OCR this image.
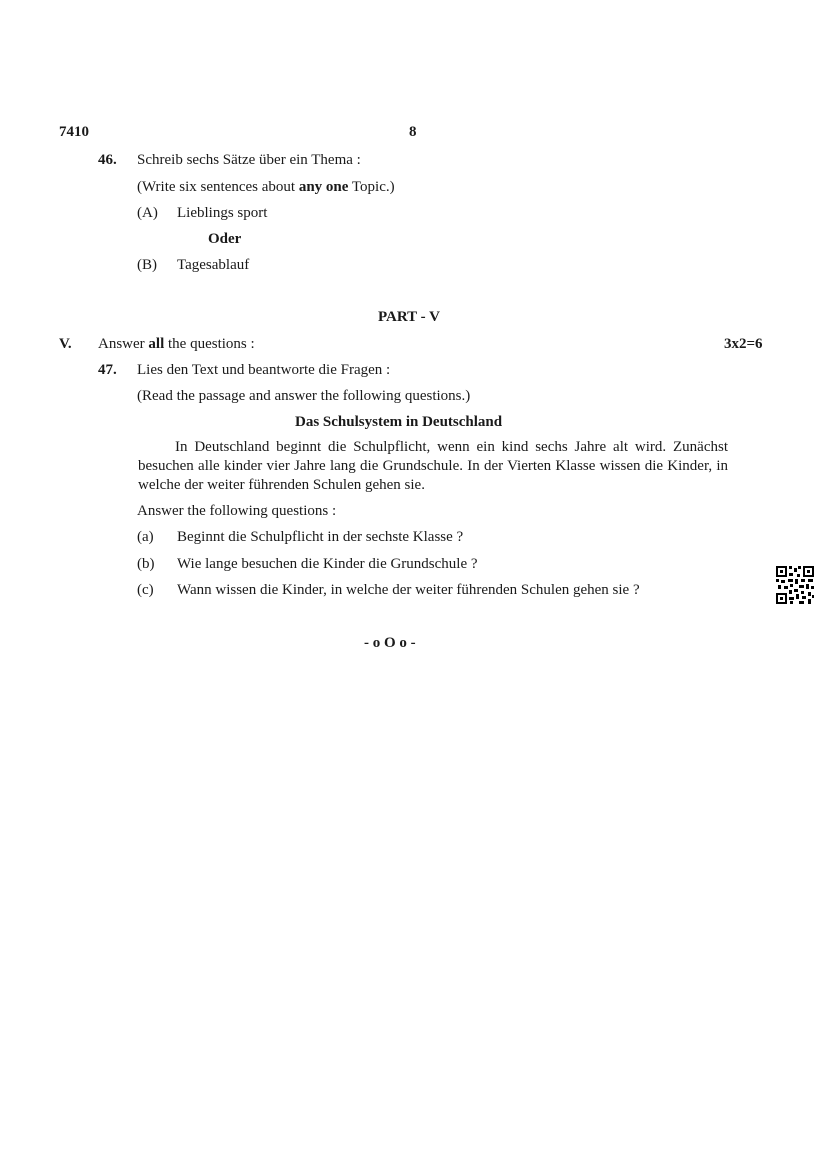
7410	8
46. Schreib sechs Sätze über ein Thema :
(Write six sentences about any one Topic.)
(A) Lieblings sport
Oder
(B) Tagesablauf
PART - V
V. Answer all the questions :	3x2=6
47. Lies den Text und beantworte die Fragen :
(Read the passage and answer the following questions.)
Das Schulsystem in Deutschland

In Deutschland beginnt die Schulpflicht, wenn ein kind sechs Jahre alt wird. Zunächst besuchen alle kinder vier Jahre lang die Grundschule. In der Vierten Klasse wissen die Kinder, in welche der weiter führenden Schulen gehen sie.

Answer the following questions :
(a) Beginnt die Schulpflicht in der sechste Klasse ?
(b) Wie lange besuchen die Kinder die Grundschule ?
(c) Wann wissen die Kinder, in welche der weiter führenden Schulen gehen sie ?
- o O o -
